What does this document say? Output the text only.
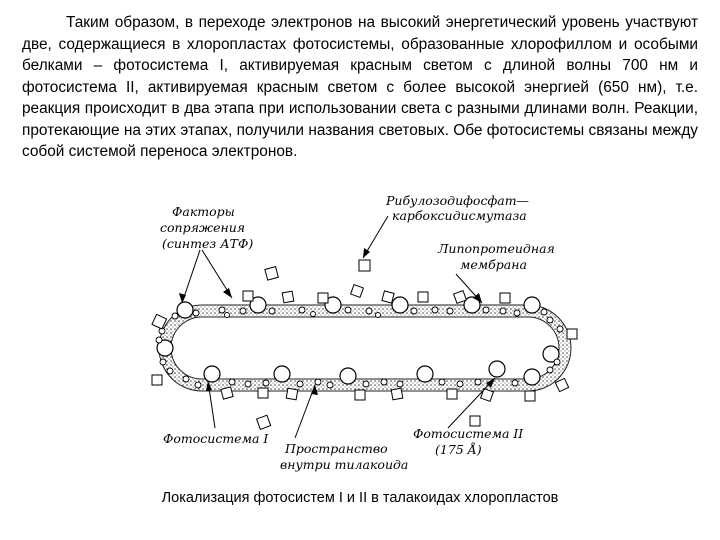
Таким образом, в переходе электронов на высокий энергетический уровень участвуют две, содержащиеся в хлоропластах фотосистемы, образованные хлорофиллом и особыми белками – фотосистема I, активируемая красным светом с длиной волны 700 нм и фотосистема II, активируемая красным светом с более высокой энергией (650 нм), т.е. реакция происходит в два этапа при использовании света с разными длинами волн. Реакции, протекающие на этих этапах, получили названия световых. Обе фотосистемы связаны между собой системой переноса электронов.

Факторы
сопряжения
(синтез АТФ)
Рибулозодифосфат—
карбоксидисмутаза
Липопротеидная
мембрана
Фотосистема I
Пространство
внутри тилакоида
Фотосистема II
(175 Å)
Локализация фотосистем I и II в талакоидах хлоропластов
